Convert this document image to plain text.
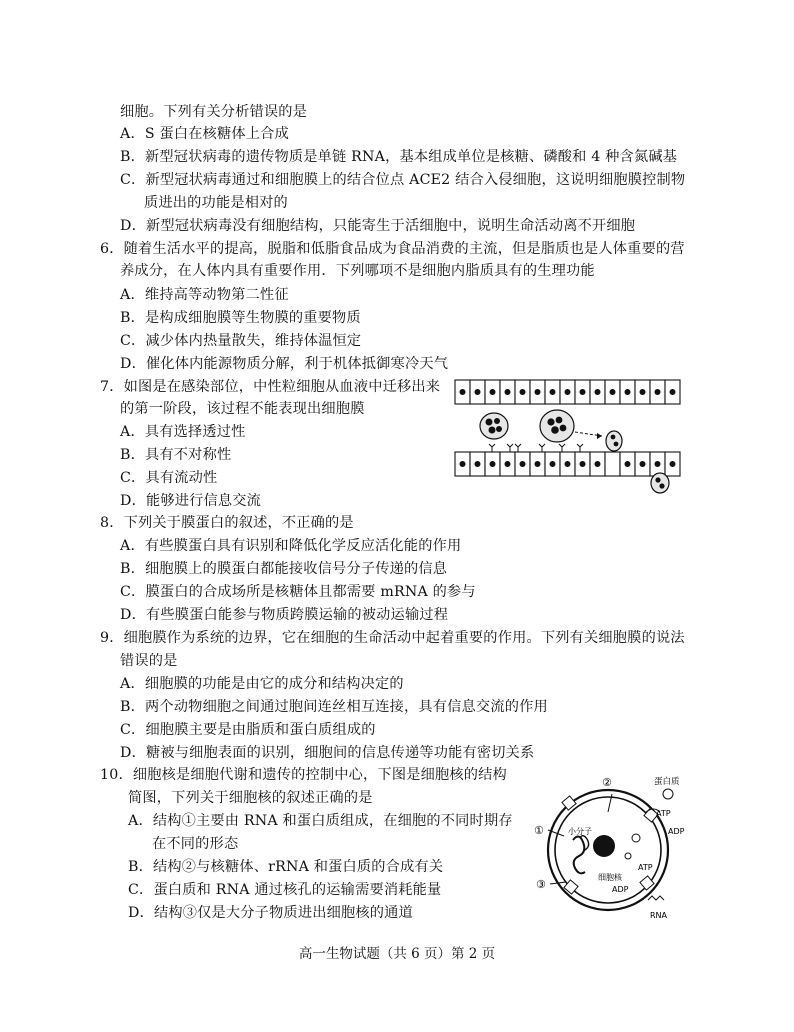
细胞。下列有关分析错误的是
A．S 蛋白在核糖体上合成
B．新型冠状病毒的遗传物质是单链 RNA，基本组成单位是核糖、磷酸和 4 种含氮碱基
C．新型冠状病毒通过和细胞膜上的结合位点 ACE2 结合入侵细胞，这说明细胞膜控制物
质进出的功能是相对的
D．新型冠状病毒没有细胞结构，只能寄生于活细胞中，说明生命活动离不开细胞
6．随着生活水平的提高，脱脂和低脂食品成为食品消费的主流，但是脂质也是人体重要的营
养成分，在人体内具有重要作用．下列哪项不是细胞内脂质具有的生理功能
A．维持高等动物第二性征
B．是构成细胞膜等生物膜的重要物质
C．减少体内热量散失，维持体温恒定
D．催化体内能源物质分解，利于机体抵御寒冷天气
7．如图是在感染部位，中性粒细胞从血液中迁移出来
的第一阶段，该过程不能表现出细胞膜
A．具有选择透过性
B．具有不对称性
C．具有流动性
D．能够进行信息交流
8．下列关于膜蛋白的叙述，不正确的是
A．有些膜蛋白具有识别和降低化学反应活化能的作用
B．细胞膜上的膜蛋白都能接收信号分子传递的信息
C．膜蛋白的合成场所是核糖体且都需要 mRNA 的参与
D．有些膜蛋白能参与物质跨膜运输的被动运输过程
9．细胞膜作为系统的边界，它在细胞的生命活动中起着重要的作用。下列有关细胞膜的说法
错误的是
A．细胞膜的功能是由它的成分和结构决定的
B．两个动物细胞之间通过胞间连丝相互连接，具有信息交流的作用
C．细胞膜主要是由脂质和蛋白质组成的
D．糖被与细胞表面的识别，细胞间的信息传递等功能有密切关系
10．细胞核是细胞代谢和遗传的控制中心，下图是细胞核的结构
简图，下列关于细胞核的叙述正确的是
A．结构①主要由 RNA 和蛋白质组成，在细胞的不同时期存
在不同的形态
B．结构②与核糖体、rRNA 和蛋白质的合成有关
C．蛋白质和 RNA 通过核孔的运输需要消耗能量
D．结构③仅是大分子物质进出细胞核的通道
①
②
③
蛋白质
ATP
ADP
小分子
细胞核
ATP
ADP
RNA
高一生物试题（共 6 页）第 2 页
